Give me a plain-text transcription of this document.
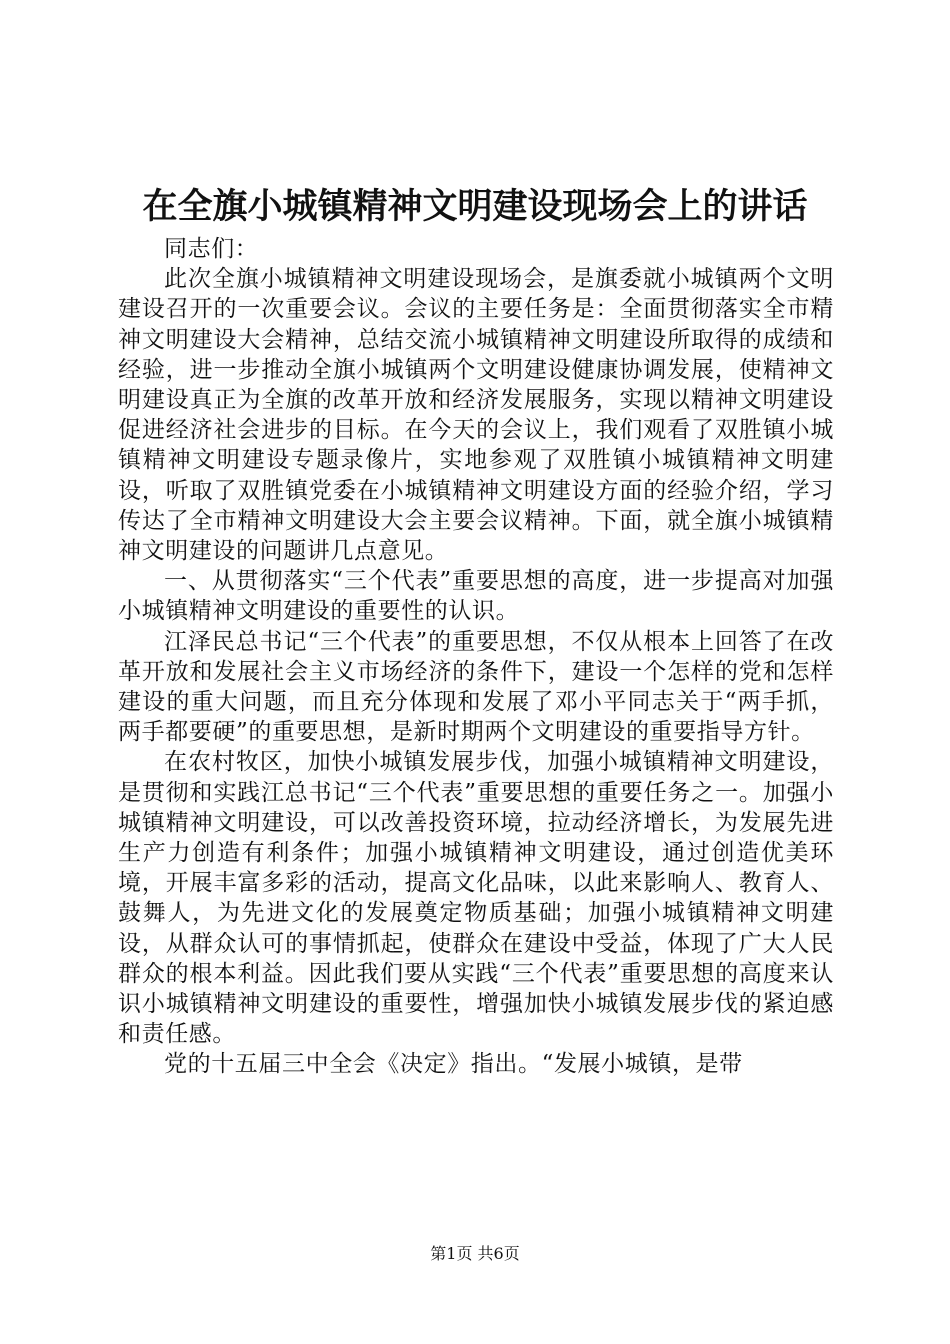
在全旗小城镇精神文明建设现场会上的讲话

同志们：

此次全旗小城镇精神文明建设现场会，是旗委就小城镇两个文明建设召开的一次重要会议。会议的主要任务是：全面贯彻落实全市精神文明建设大会精神，总结交流小城镇精神文明建设所取得的成绩和经验，进一步推动全旗小城镇两个文明建设健康协调发展，使精神文明建设真正为全旗的改革开放和经济发展服务，实现以精神文明建设促进经济社会进步的目标。在今天的会议上，我们观看了双胜镇小城镇精神文明建设专题录像片，实地参观了双胜镇小城镇精神文明建设，听取了双胜镇党委在小城镇精神文明建设方面的经验介绍，学习传达了全市精神文明建设大会主要会议精神。下面，就全旗小城镇精神文明建设的问题讲几点意见。

一、从贯彻落实“三个代表”重要思想的高度，进一步提高对加强小城镇精神文明建设的重要性的认识。

江泽民总书记“三个代表”的重要思想，不仅从根本上回答了在改革开放和发展社会主义市场经济的条件下，建设一个怎样的党和怎样建设的重大问题，而且充分体现和发展了邓小平同志关于“两手抓，两手都要硬”的重要思想，是新时期两个文明建设的重要指导方针。

在农村牧区，加快小城镇发展步伐，加强小城镇精神文明建设，是贯彻和实践江总书记“三个代表”重要思想的重要任务之一。加强小城镇精神文明建设，可以改善投资环境，拉动经济增长，为发展先进生产力创造有利条件；加强小城镇精神文明建设，通过创造优美环境，开展丰富多彩的活动，提高文化品味，以此来影响人、教育人、鼓舞人，为先进文化的发展奠定物质基础；加强小城镇精神文明建设，从群众认可的事情抓起，使群众在建设中受益，体现了广大人民群众的根本利益。因此我们要从实践“三个代表”重要思想的高度来认识小城镇精神文明建设的重要性，增强加快小城镇发展步伐的紧迫感和责任感。

党的十五届三中全会《决定》指出。“发展小城镇，是带

第1页 共6页
